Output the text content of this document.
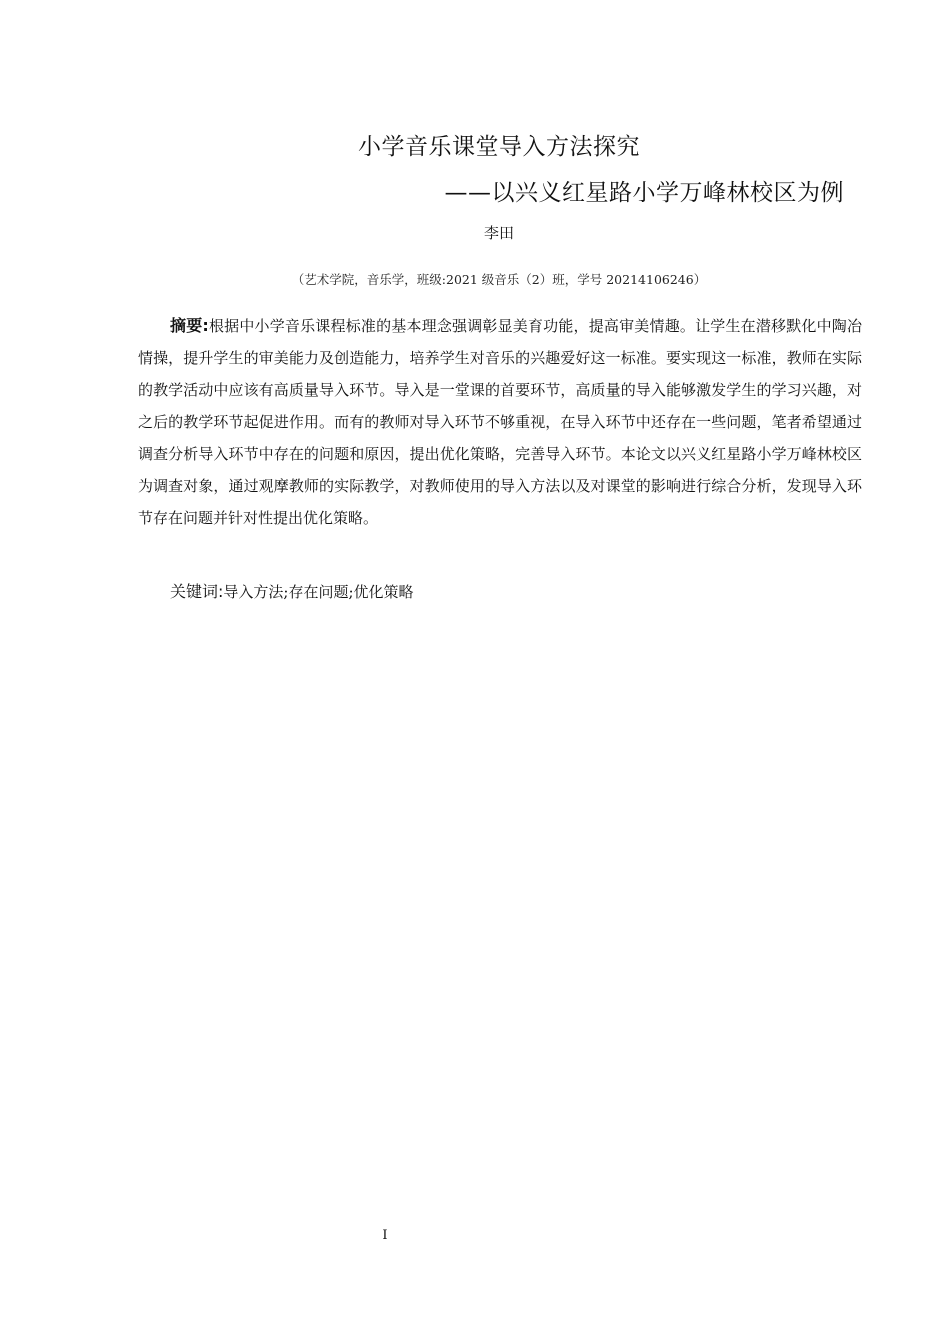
小学音乐课堂导入方法探究
——以兴义红星路小学万峰林校区为例
李田
（艺术学院，音乐学，班级:2021 级音乐（2）班，学号 20214106246）

摘要:根据中小学音乐课程标准的基本理念强调彰显美育功能，提高审美情趣。让学生在潜移默化中陶冶情操，提升学生的审美能力及创造能力，培养学生对音乐的兴趣爱好这一标准。要实现这一标准，教师在实际的教学活动中应该有高质量导入环节。导入是一堂课的首要环节，高质量的导入能够激发学生的学习兴趣，对之后的教学环节起促进作用。而有的教师对导入环节不够重视，在导入环节中还存在一些问题，笔者希望通过调查分析导入环节中存在的问题和原因，提出优化策略，完善导入环节。本论文以兴义红星路小学万峰林校区为调查对象，通过观摩教师的实际教学，对教师使用的导入方法以及对课堂的影响进行综合分析，发现导入环节存在问题并针对性提出优化策略。

关键词:导入方法;存在问题;优化策略
I
